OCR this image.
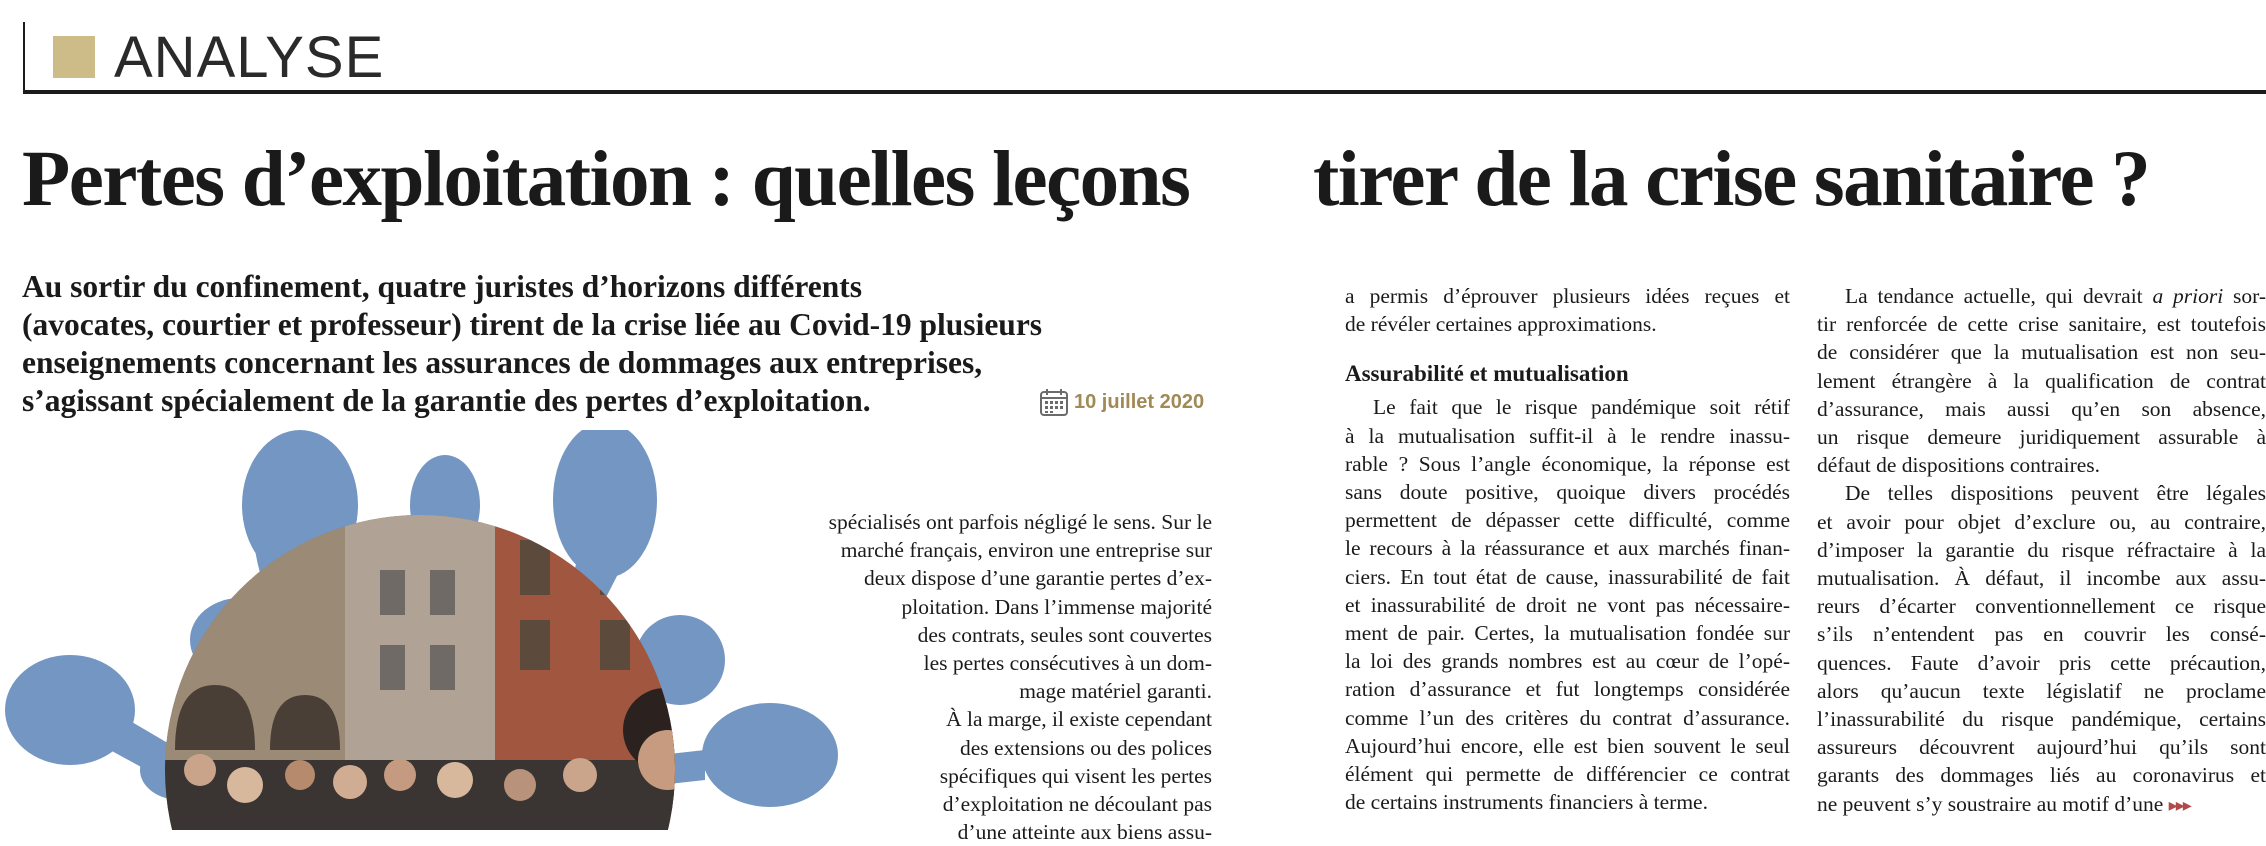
ANALYSE
Pertes d’exploitation : quelles leçons tirer de la crise sanitaire ?
Au sortir du confinement, quatre juristes d’horizons différents
(avocates, courtier et professeur) tirent de la crise liée au Covid-19 plusieurs
enseignements concernant les assurances de dommages aux entreprises,
s’agissant spécialement de la garantie des pertes d’exploitation.	10 juillet 2020
spécialisés ont parfois négligé le sens. Sur le
marché français, environ une entreprise sur
deux dispose d’une garantie pertes d’ex-
ploitation. Dans l’immense majorité
des contrats, seules sont couvertes
les pertes consécutives à un dom-
mage matériel garanti.
À la marge, il existe cependant
des extensions ou des polices
spécifiques qui visent les pertes
d’exploitation ne découlant pas
d’une atteinte aux biens assu-
a permis d’éprouver plusieurs idées reçues et
de révéler certaines approximations.
Assurabilité et mutualisation
Le fait que le risque pandémique soit rétif
à la mutualisation suffit-il à le rendre inassu-
rable ? Sous l’angle économique, la réponse est
sans doute positive, quoique divers procédés
permettent de dépasser cette difficulté, comme
le recours à la réassurance et aux marchés finan-
ciers. En tout état de cause, inassurabilité de fait
et inassurabilité de droit ne vont pas nécessaire-
ment de pair. Certes, la mutualisation fondée sur
la loi des grands nombres est au cœur de l’opé-
ration d’assurance et fut longtemps considérée
comme l’un des critères du contrat d’assurance.
Aujourd’hui encore, elle est bien souvent le seul
élément qui permette de différencier ce contrat
de certains instruments financiers à terme.
La tendance actuelle, qui devrait a priori sor-
tir renforcée de cette crise sanitaire, est toutefois
de considérer que la mutualisation est non seu-
lement étrangère à la qualification de contrat
d’assurance, mais aussi qu’en son absence,
un risque demeure juridiquement assurable à
défaut de dispositions contraires.
De telles dispositions peuvent être légales
et avoir pour objet d’exclure ou, au contraire,
d’imposer la garantie du risque réfractaire à la
mutualisation. À défaut, il incombe aux assu-
reurs d’écarter conventionnellement ce risque
s’ils n’entendent pas en couvrir les consé-
quences. Faute d’avoir pris cette précaution,
alors qu’aucun texte législatif ne proclame
l’inassurabilité du risque pandémique, certains
assureurs découvrent aujourd’hui qu’ils sont
garants des dommages liés au coronavirus et
ne peuvent s’y soustraire au motif d’une ▸▸▸
